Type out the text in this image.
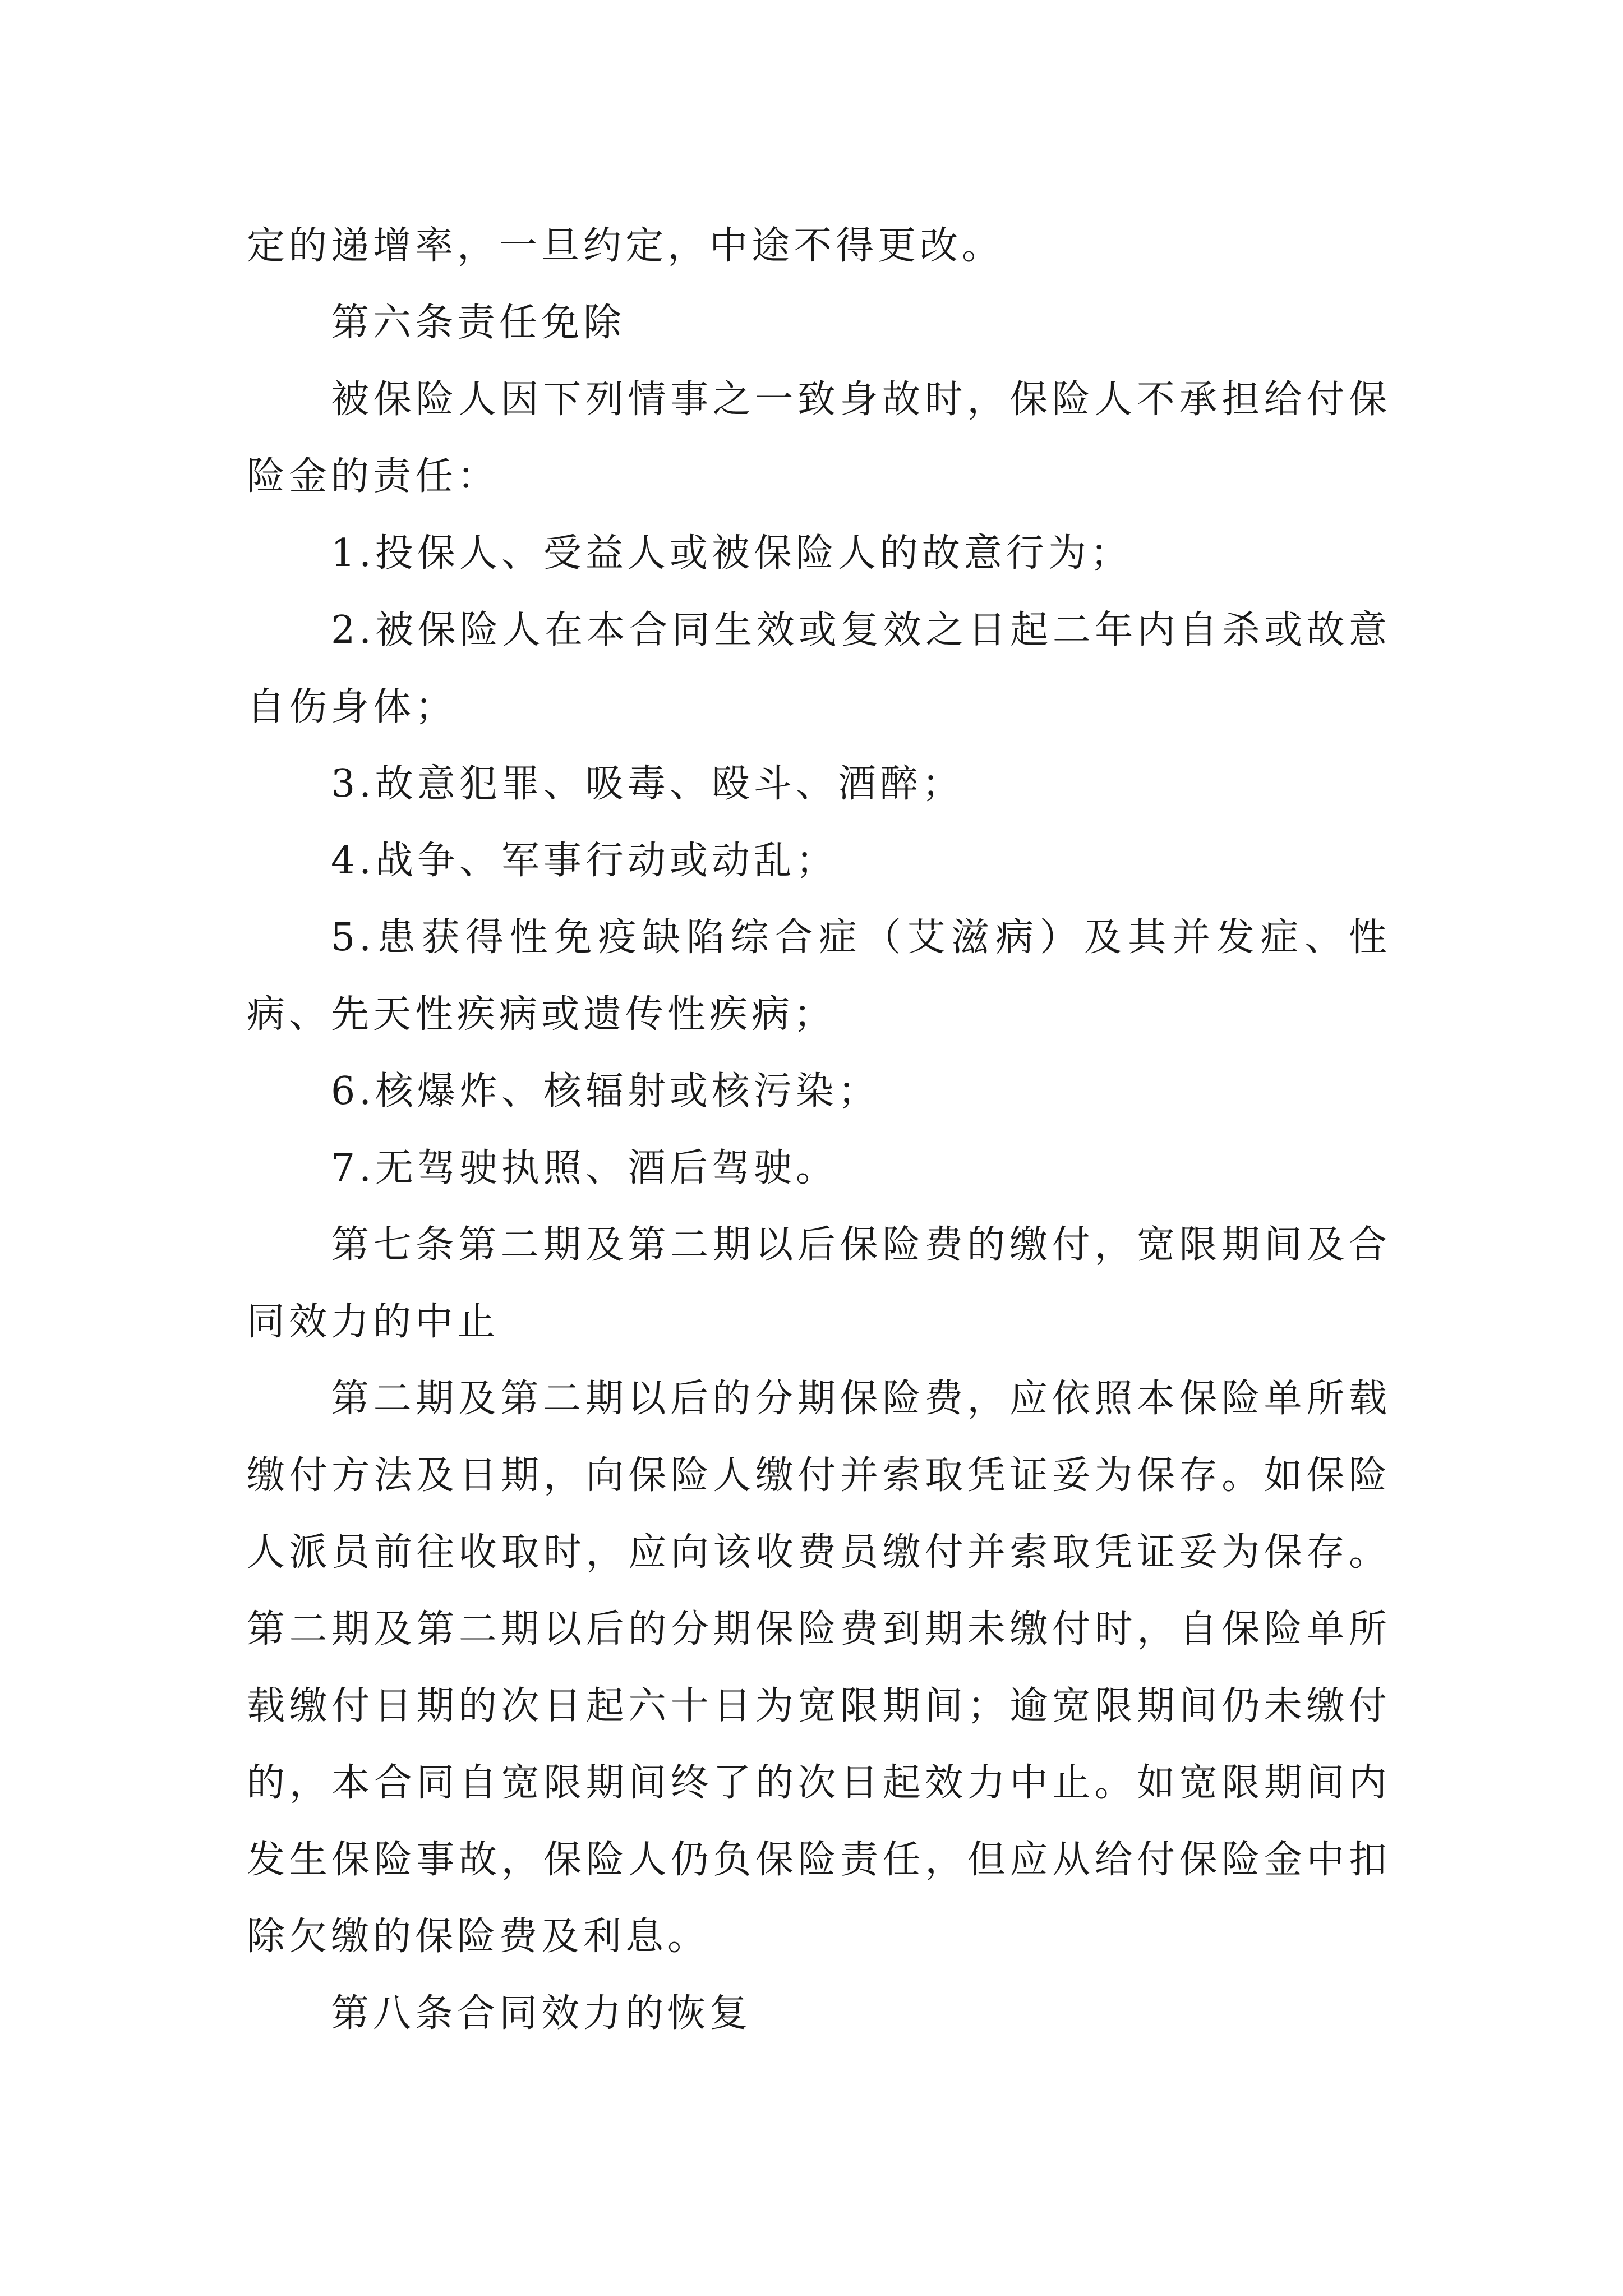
定的递增率，一旦约定，中途不得更改。

第六条责任免除

被保险人因下列情事之一致身故时，保险人不承担给付保险金的责任：

1.投保人、受益人或被保险人的故意行为；

2.被保险人在本合同生效或复效之日起二年内自杀或故意自伤身体；

3.故意犯罪、吸毒、殴斗、酒醉；

4.战争、军事行动或动乱；

5.患获得性免疫缺陷综合症（艾滋病）及其并发症、性病、先天性疾病或遗传性疾病；

6.核爆炸、核辐射或核污染；

7.无驾驶执照、酒后驾驶。

第七条第二期及第二期以后保险费的缴付，宽限期间及合同效力的中止

第二期及第二期以后的分期保险费，应依照本保险单所载缴付方法及日期，向保险人缴付并索取凭证妥为保存。如保险人派员前往收取时，应向该收费员缴付并索取凭证妥为保存。第二期及第二期以后的分期保险费到期未缴付时，自保险单所载缴付日期的次日起六十日为宽限期间；逾宽限期间仍未缴付的，本合同自宽限期间终了的次日起效力中止。如宽限期间内发生保险事故，保险人仍负保险责任，但应从给付保险金中扣除欠缴的保险费及利息。

第八条合同效力的恢复
